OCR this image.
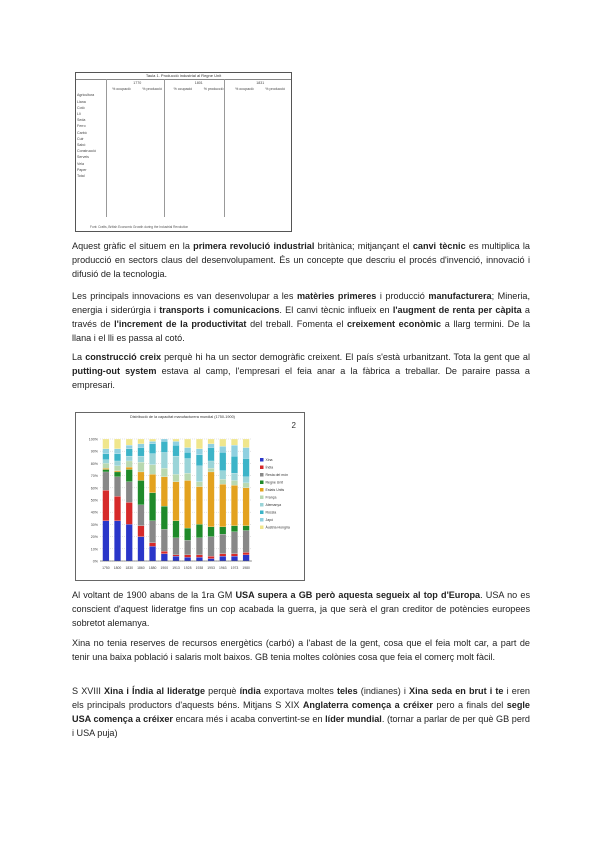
Taula 1. Producció industrial al Regne Unit
	1770		1801		1831	
	% ocupació	% producció	% ocupació	% producció	% ocupació	% producció
Agricultura						
Llana						
Cotó						
Lli						
Seda						
Ferro						
Carbó						
Cuir						
Sabó						
Construcció						
Serveis						
Vela						
Paper						
Total						
Font: Crafts, British Economic Growth during the Industrial Revolution
Aquest gràfic el situem en la primera revolució industrial britànica; mitjançant el canvi tècnic es multiplica la producció en sectors claus del desenvolupament. És un concepte que descriu el procés d'invenció, innovació i difusió de la tecnologia.
Les principals innovacions es van desenvolupar a les matèries primeres i producció manufacturera; Mineria, energia i siderúrgia i transports i comunicacions. El canvi tècnic influeix en l'augment de renta per càpita a través de l'increment de la productivitat del treball. Fomenta el creixement econòmic a llarg termini. De la llana i el lli es passa al cotó.
La construcció creix perquè hi ha un sector demogràfic creixent. El país s'està urbanitzant. Tota la gent que al putting-out system estava al camp, l'empresari el feia anar a la fàbrica a treballar. De paraire passa a empresari.
Distribució de la capacitat manufacturera mundial (1750-1900)
2
0%
10%
20%
30%
40%
50%
60%
70%
80%
90%
100%
1750 1800 1830 1860 1880 1900 1913 1928 1938 1953 1963 1973 1980
Xina
Índia
Resta del món
Regne Unit
Estats Units
França
Alemanya
Rússia
Japó
Àustria-Hongria
Al voltant de 1900 abans de la 1ra GM USA supera a GB però aquesta segueix al top d'Europa. USA no es conscient d'aquest lideratge fins un cop acabada la guerra, ja que serà el gran creditor de potències europees sobretot alemanya.
Xina no tenia reserves de recursos energètics (carbó) a l'abast de la gent, cosa que el feia molt car, a part de tenir una baixa població i salaris molt baixos. GB tenia moltes colònies cosa que feia el comerç molt fàcil.
S XVIII Xina i Índia al lideratge perquè índia exportava moltes teles (indianes) i Xina seda en brut i te i eren els principals productors d'aquests béns. Mitjans S XIX Anglaterra comença a créixer pero a finals del segle USA comença a créixer encara més i acaba convertint-se en líder mundial. (tornar a parlar de per què GB perd i USA puja)
